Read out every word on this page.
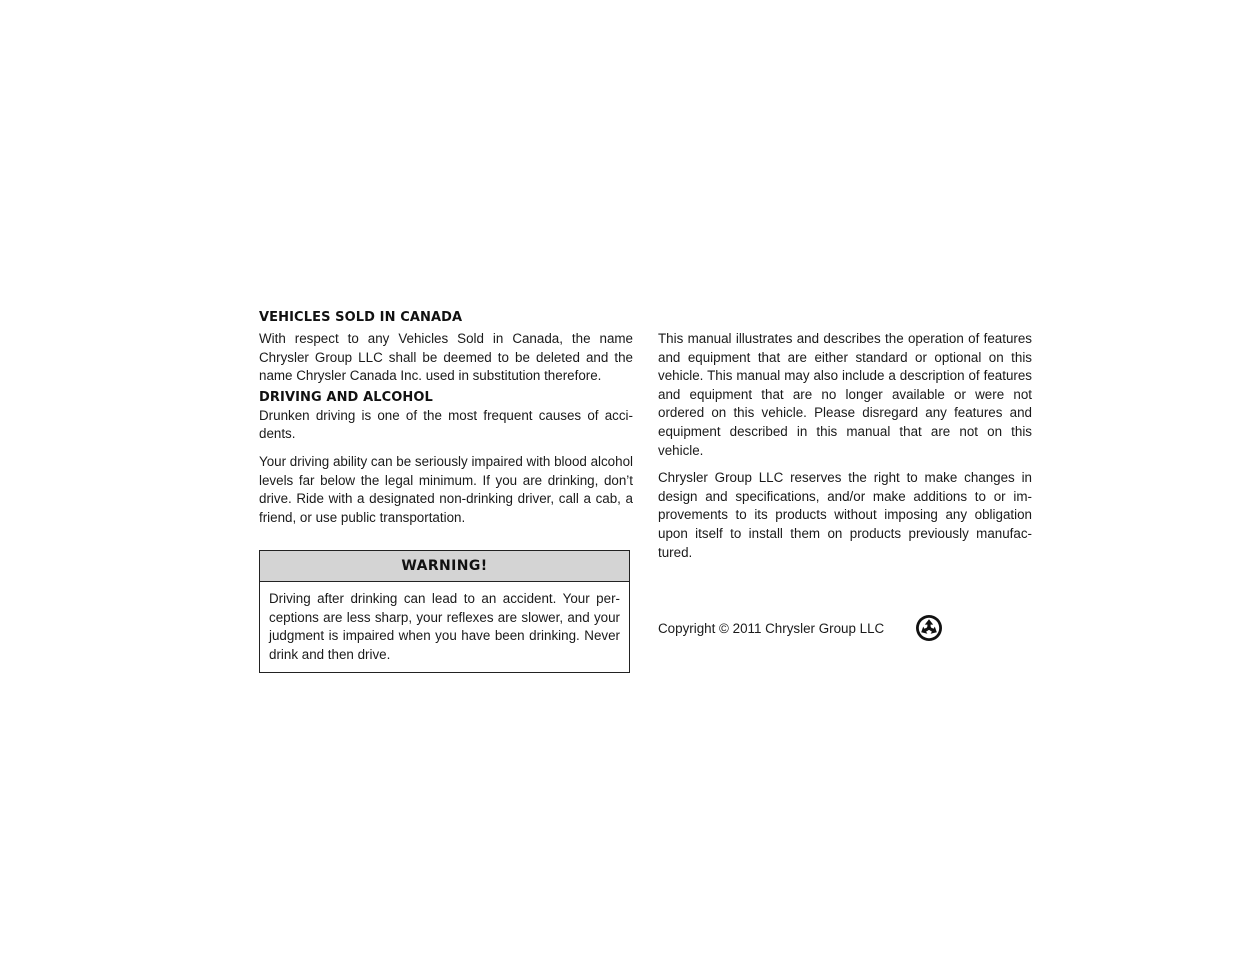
VEHICLES SOLD IN CANADA

With respect to any Vehicles Sold in Canada, the name Chrysler Group LLC shall be deemed to be deleted and the name Chrysler Canada Inc. used in substitution therefore.

DRIVING AND ALCOHOL

Drunken driving is one of the most frequent causes of accidents.

Your driving ability can be seriously impaired with blood alcohol levels far below the legal minimum. If you are drinking, don’t drive. Ride with a designated non-drinking driver, call a cab, a friend, or use public transportation.

WARNING!
Driving after drinking can lead to an accident. Your perceptions are less sharp, your reflexes are slower, and your judgment is impaired when you have been drinking. Never drink and then drive.

This manual illustrates and describes the operation of features and equipment that are either standard or optional on this vehicle. This manual may also include a description of features and equipment that are no longer available or were not ordered on this vehicle. Please disregard any features and equipment described in this manual that are not on this vehicle.

Chrysler Group LLC reserves the right to make changes in design and specifications, and/or make additions to or improvements to its products without imposing any obligation upon itself to install them on products previously manufactured.

Copyright © 2011 Chrysler Group LLC
